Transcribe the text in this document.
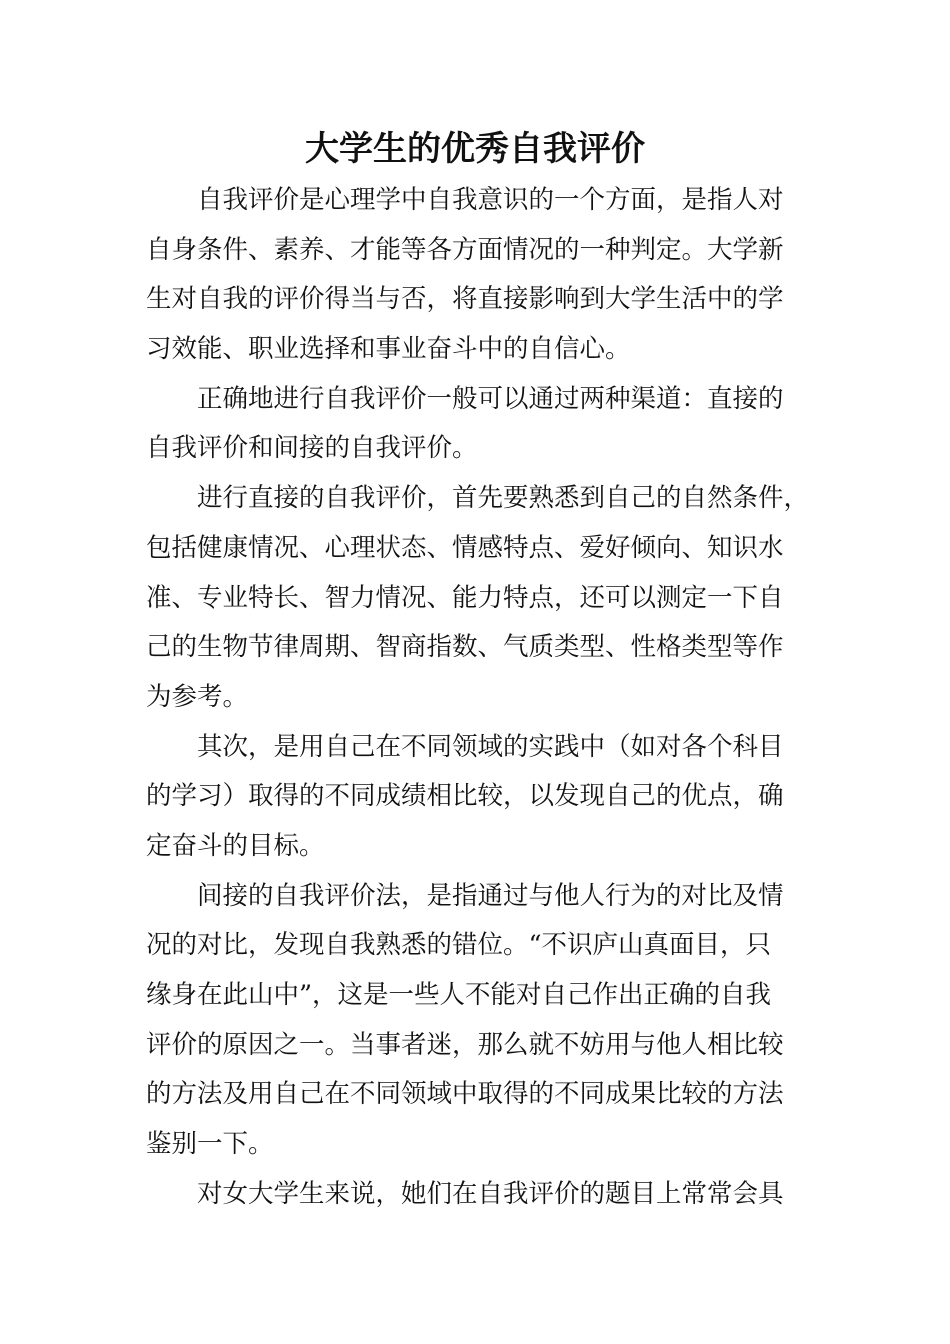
大学生的优秀自我评价
自我评价是心理学中自我意识的一个方面，是指人对
自身条件、素养、才能等各方面情况的一种判定。大学新
生对自我的评价得当与否，将直接影响到大学生活中的学
习效能、职业选择和事业奋斗中的自信心。
正确地进行自我评价一般可以通过两种渠道：直接的
自我评价和间接的自我评价。
进行直接的自我评价，首先要熟悉到自己的自然条件，
包括健康情况、心理状态、情感特点、爱好倾向、知识水
准、专业特长、智力情况、能力特点，还可以测定一下自
己的生物节律周期、智商指数、气质类型、性格类型等作
为参考。
其次，是用自己在不同领域的实践中（如对各个科目
的学习）取得的不同成绩相比较，以发现自己的优点，确
定奋斗的目标。
间接的自我评价法，是指通过与他人行为的对比及情
况的对比，发现自我熟悉的错位。“不识庐山真面目，只
缘身在此山中”，这是一些人不能对自己作出正确的自我
评价的原因之一。当事者迷，那么就不妨用与他人相比较
的方法及用自己在不同领域中取得的不同成果比较的方法
鉴别一下。
对女大学生来说，她们在自我评价的题目上常常会具
